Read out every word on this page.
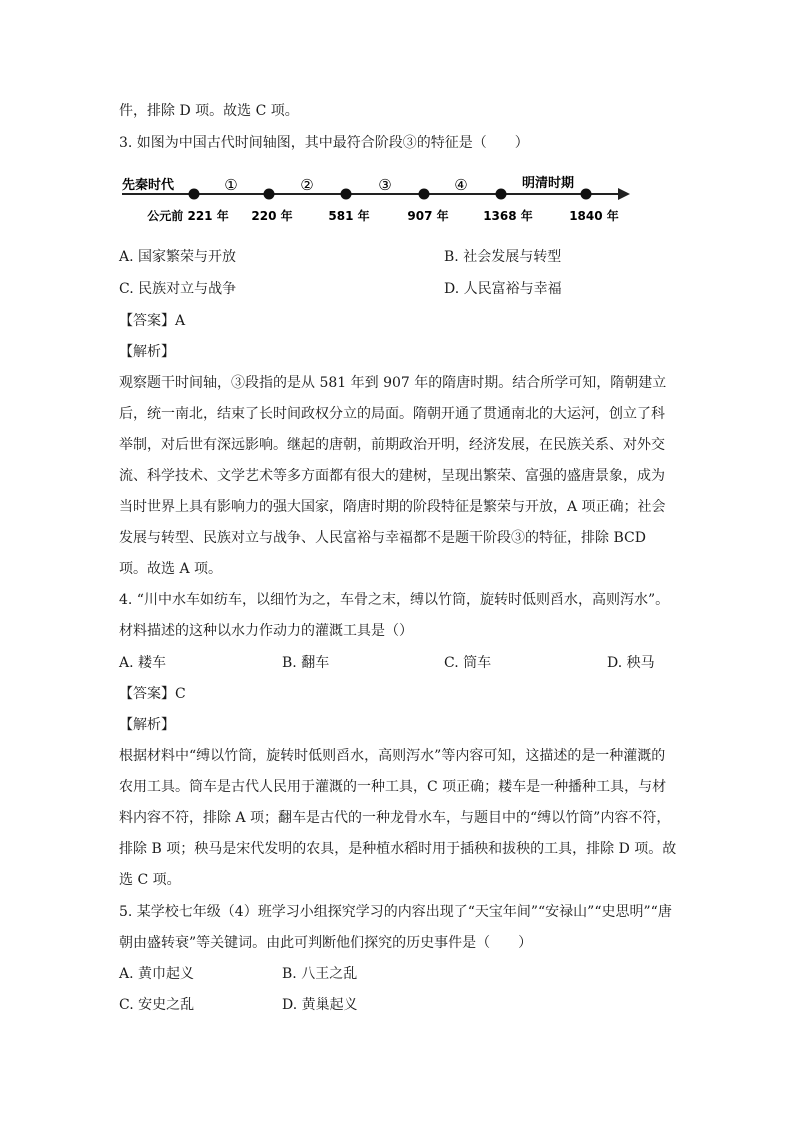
件，排除 D 项。故选 C 项。
3. 如图为中国古代时间轴图，其中最符合阶段③的特征是（　　）
先秦时代	明清时期
①	②	③	④
公元前 221 年 220 年	581 年	907 年	1368 年	1840 年
A. 国家繁荣与开放	B. 社会发展与转型
C. 民族对立与战争	D. 人民富裕与幸福
【答案】A
【解析】
观察题干时间轴，③段指的是从 581 年到 907 年的隋唐时期。结合所学可知，隋朝建立
后，统一南北，结束了长时间政权分立的局面。隋朝开通了贯通南北的大运河，创立了科
举制，对后世有深远影响。继起的唐朝，前期政治开明，经济发展，在民族关系、对外交
流、科学技术、文学艺术等多方面都有很大的建树，呈现出繁荣、富强的盛唐景象，成为
当时世界上具有影响力的强大国家，隋唐时期的阶段特征是繁荣与开放，A 项正确；社会
发展与转型、民族对立与战争、人民富裕与幸福都不是题干阶段③的特征，排除 BCD
项。故选 A 项。
4. “川中水车如纺车，以细竹为之，车骨之末，缚以竹筒，旋转时低则舀水，高则泻水”。
材料描述的这种以水力作动力的灌溉工具是（）
A. 耧车	B. 翻车	C. 筒车	D. 秧马
【答案】C
【解析】
根据材料中“缚以竹筒，旋转时低则舀水，高则泻水”等内容可知，这描述的是一种灌溉的
农用工具。筒车是古代人民用于灌溉的一种工具，C 项正确；耧车是一种播种工具，与材
料内容不符，排除 A 项；翻车是古代的一种龙骨水车，与题目中的“缚以竹筒”内容不符，
排除 B 项；秧马是宋代发明的农具，是种植水稻时用于插秧和拔秧的工具，排除 D 项。故
选 C 项。
5. 某学校七年级（4）班学习小组探究学习的内容出现了“天宝年间”“安禄山”“史思明”“唐
朝由盛转衰”等关键词。由此可判断他们探究的历史事件是（　　）
A. 黄巾起义	B. 八王之乱
C. 安史之乱	D. 黄巢起义
